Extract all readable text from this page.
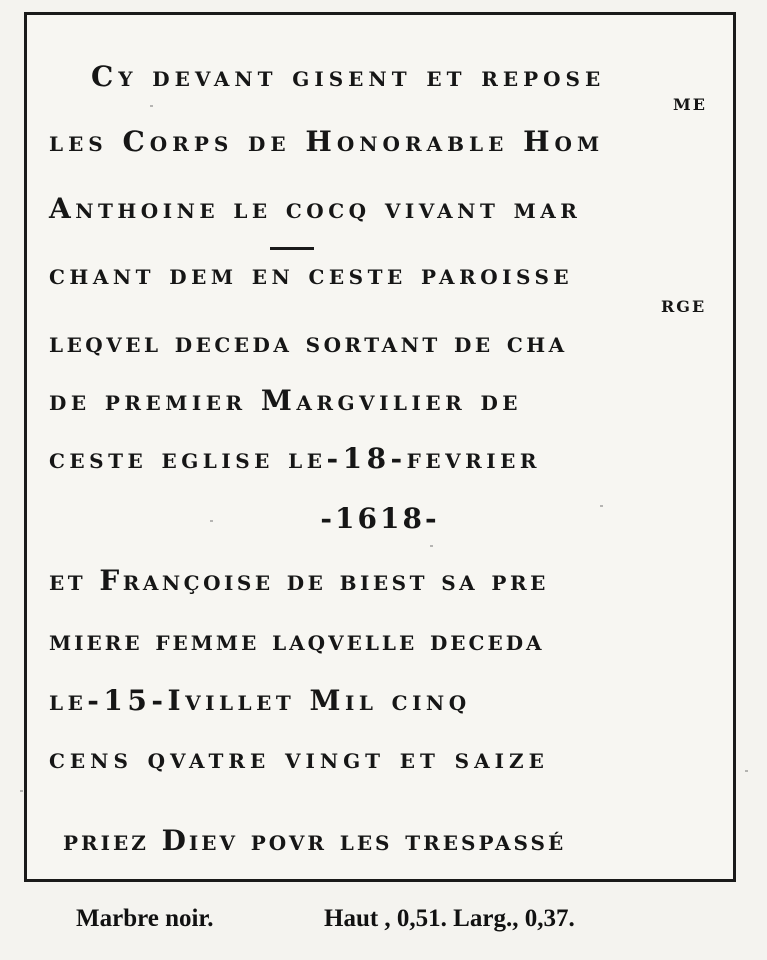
Cy devant gisent et repose
ME
les Corps de Honorable Hom
Anthoine le cocq vivant mar
chant dem en ceste paroisse
RGE
leqvel deceda sortant de cha
de premier Margvilier de
ceste eglise le-18-fevrier
-1618-
et Françoise de biest sa pre
miere femme laqvelle deceda
le-15-Ivillet Mil cinq
cens qvatre vingt et saize
priez Diev povr les trespassé
Marbre noir.	Haut , 0,51. Larg., 0,37.
